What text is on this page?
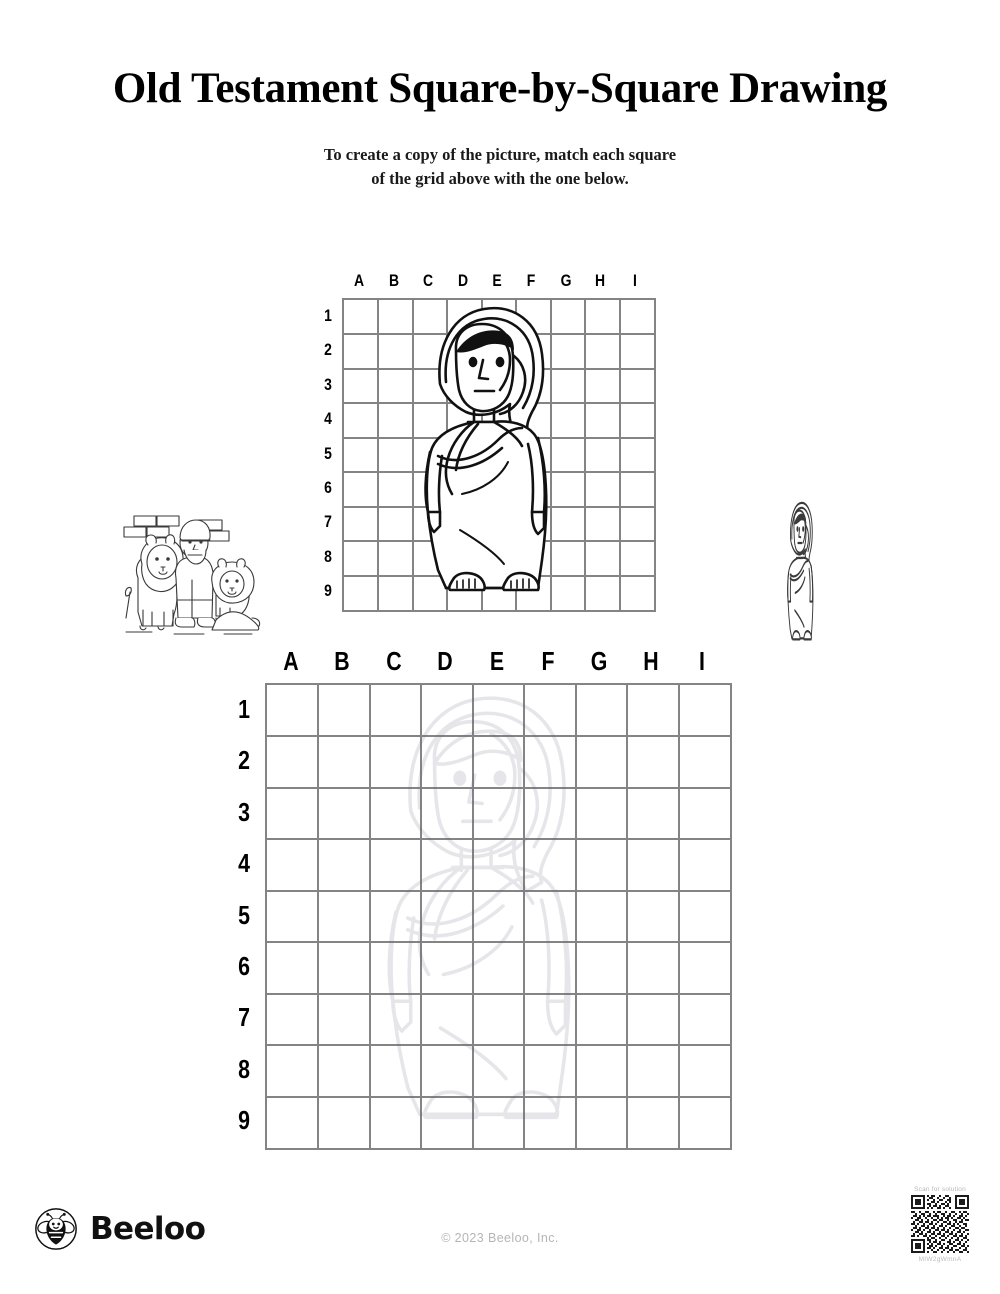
Old Testament Square-by-Square Drawing
To create a copy of the picture, match each square
of the grid above with the one below.
A B C D	E	F	G H	I
1
2
3
4
5
6
7
8
9
A B C D E	F	G H	I
1
2
3
4
5
6
7
8
9
Beeloo	© 2023 Beeloo, Inc.
Scan for solution
MIW2gWmnA
